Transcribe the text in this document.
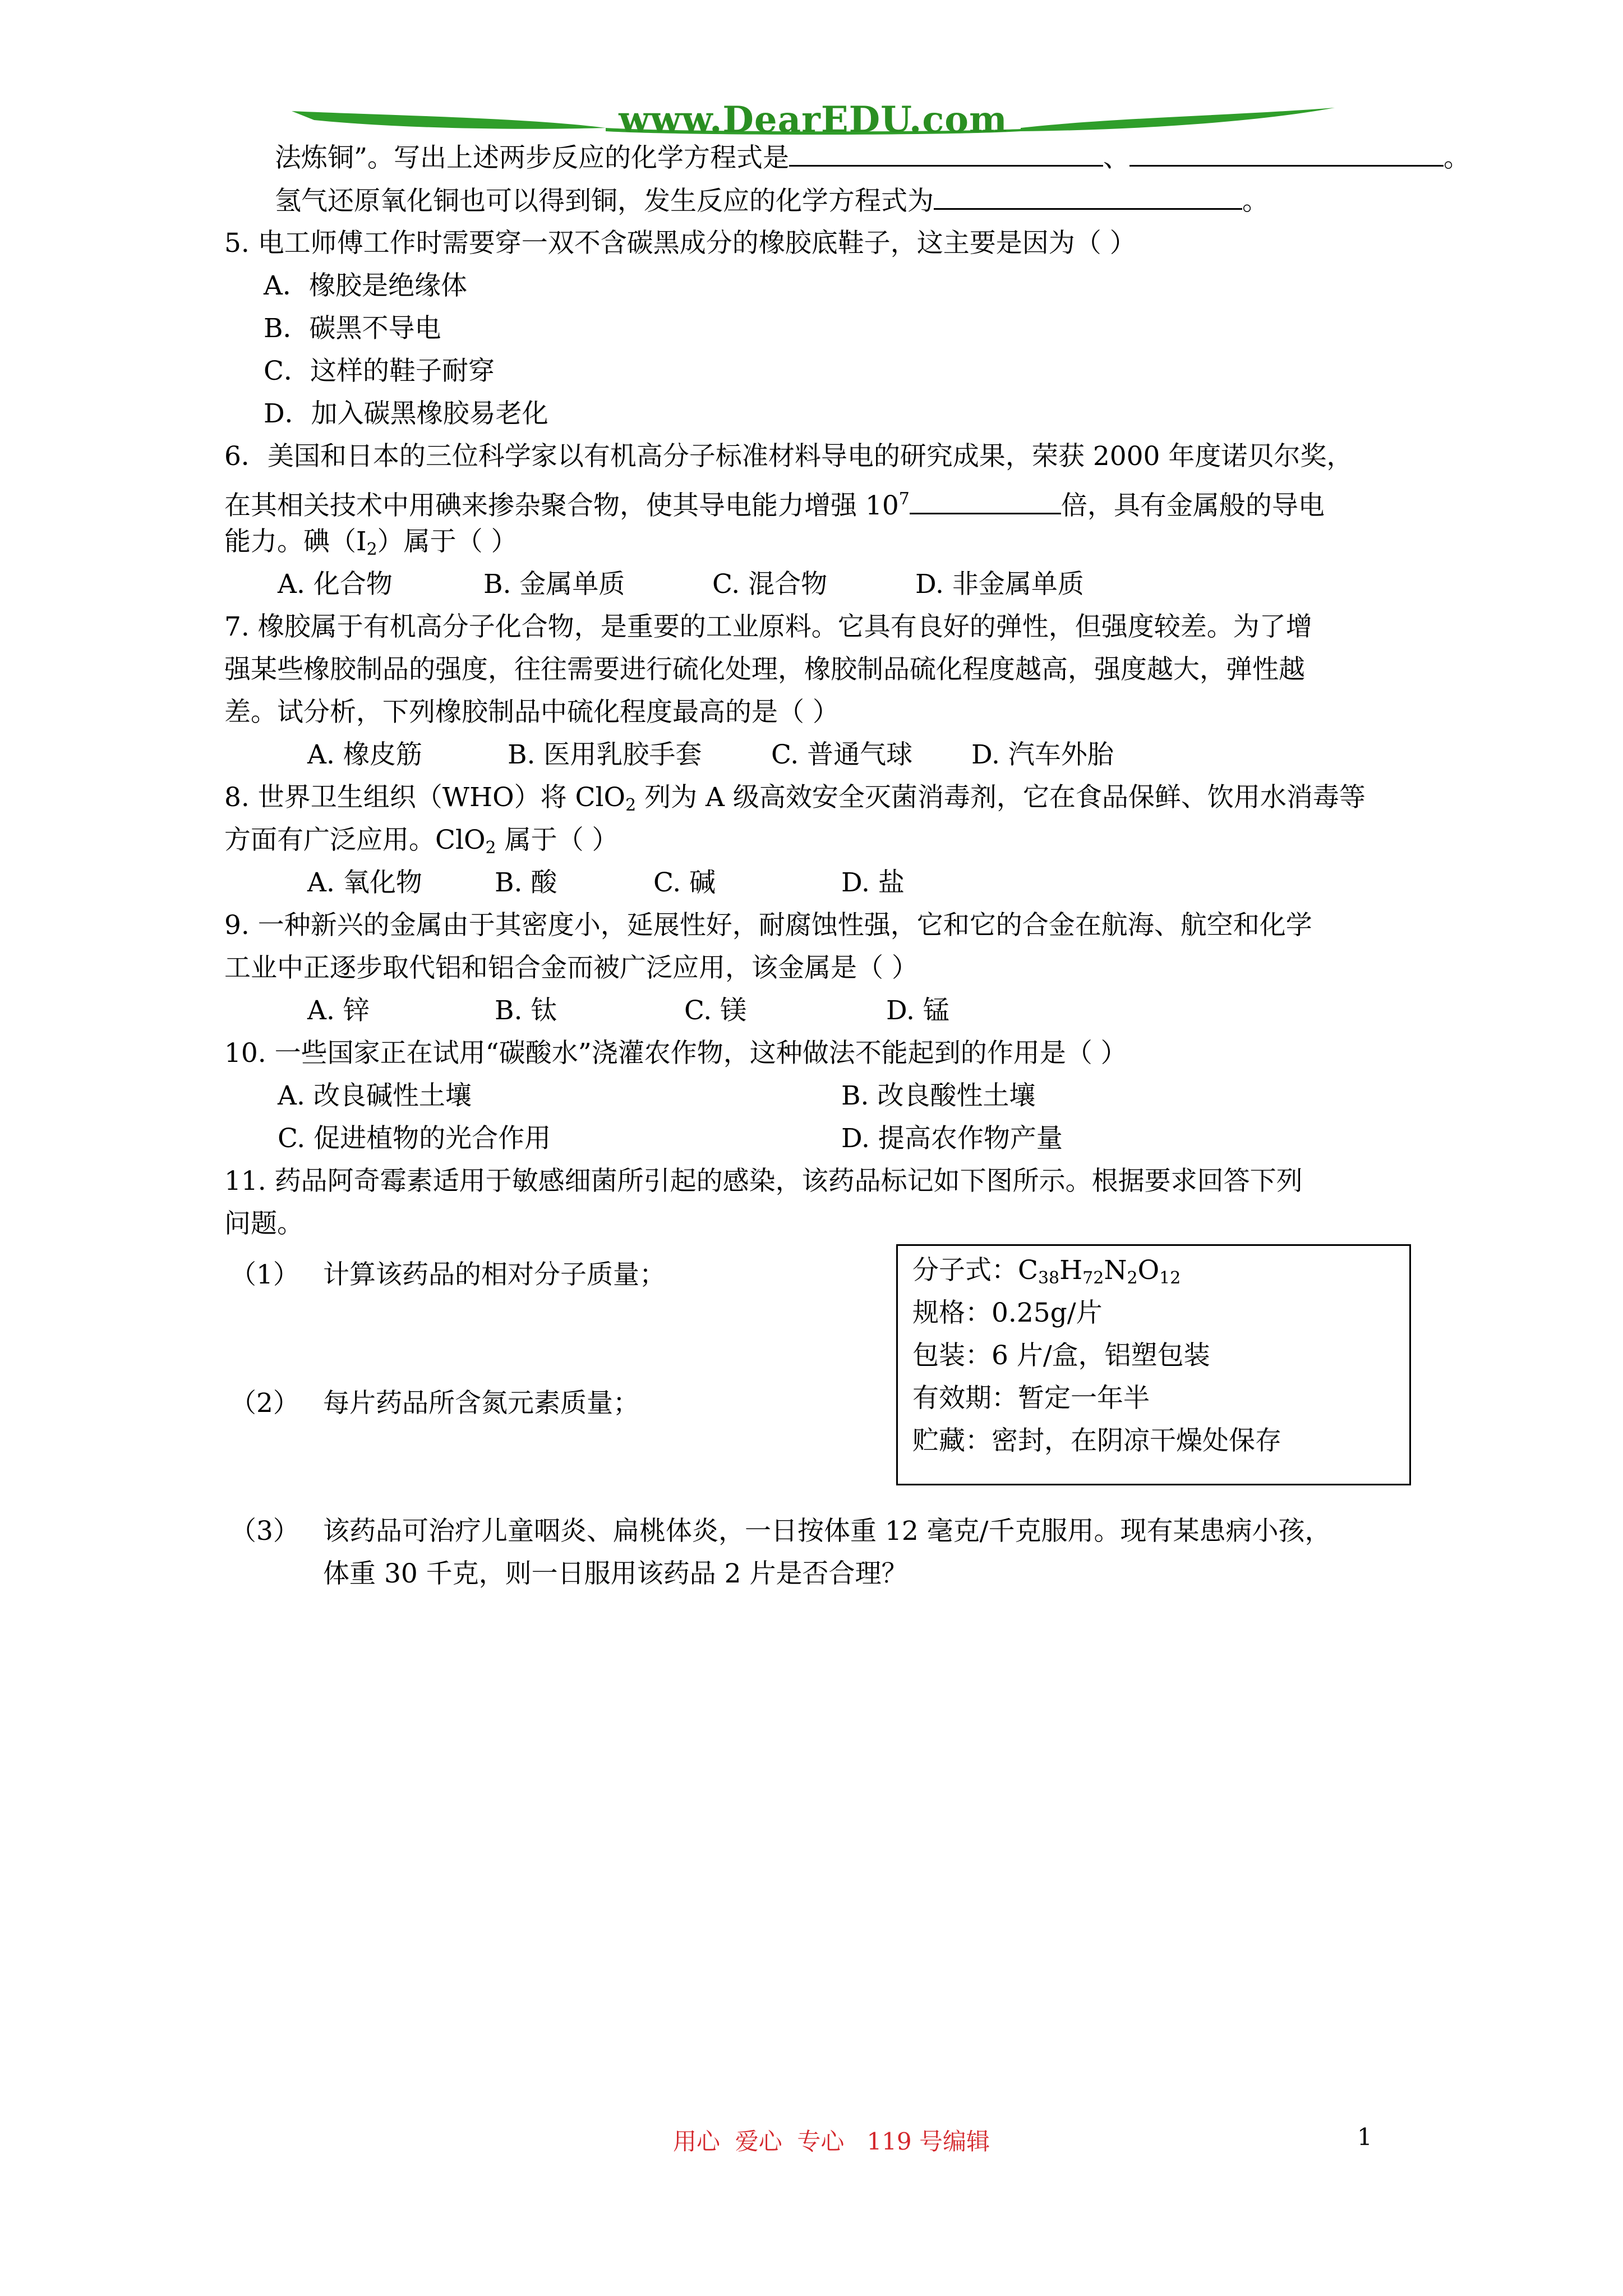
www.DearEDU.com
法炼铜”。写出上述两步反应的化学方程式是	、	。
氢气还原氧化铜也可以得到铜，发生反应的化学方程式为	。
5. 电工师傅工作时需要穿一双不含碳黑成分的橡胶底鞋子，这主要是因为（ ）
A．橡胶是绝缘体
B．碳黑不导电
C．这样的鞋子耐穿
D．加入碳黑橡胶易老化
6．美国和日本的三位科学家以有机高分子标准材料导电的研究成果，荣获 2000 年度诺贝尔奖，
在其相关技术中用碘来掺杂聚合物，使其导电能力增强 $10^7$	倍，具有金属般的导电
能力。碘$(I_2)$属于（ ）
A. 化合物	B. 金属单质	C. 混合物	D. 非金属单质
7. 橡胶属于有机高分子化合物，是重要的工业原料。它具有良好的弹性，但强度较差。为了增
强某些橡胶制品的强度，往往需要进行硫化处理，橡胶制品硫化程度越高，强度越大，弹性越
差。试分析，下列橡胶制品中硫化程度最高的是（ ）
A. 橡皮筋	B. 医用乳胶手套	C. 普通气球 D. 汽车外胎
8. 世界卫生组织（WHO）将 ClO$_2$ 列为 A 级高效安全灭菌消毒剂，它在食品保鲜、饮用水消毒等
方面有广泛应用。ClO$_2$ 属于（ ）
A. 氧化物	B. 酸	C. 碱	D. 盐
9. 一种新兴的金属由于其密度小，延展性好，耐腐蚀性强，它和它的合金在航海、航空和化学
工业中正逐步取代铝和铝合金而被广泛应用，该金属是（ ）
A. 锌	B. 钛	C. 镁	D. 锰
10. 一些国家正在试用“碳酸水”浇灌农作物，这种做法不能起到的作用是（ ）
A. 改良碱性土壤	B. 改良酸性土壤
C. 促进植物的光合作用	D. 提高农作物产量
11. 药品阿奇霉素适用于敏感细菌所引起的感染，该药品标记如下图所示。根据要求回答下列
问题。
（1） 计算该药品的相对分子质量；
（2） 每片药品所含氮元素质量；
分子式：$C_{38}H_{72}N_2O_{12}$
规格：0.25g/片
包装：6 片/盒，铝塑包装
有效期：暂定一年半
贮藏：密封，在阴凉干燥处保存
（3） 该药品可治疗儿童咽炎、扁桃体炎，一日按体重 12 毫克/千克服用。现有某患病小孩，
体重 30 千克，则一日服用该药品 2 片是否合理？
用心  爱心  专心   119 号编辑	1
